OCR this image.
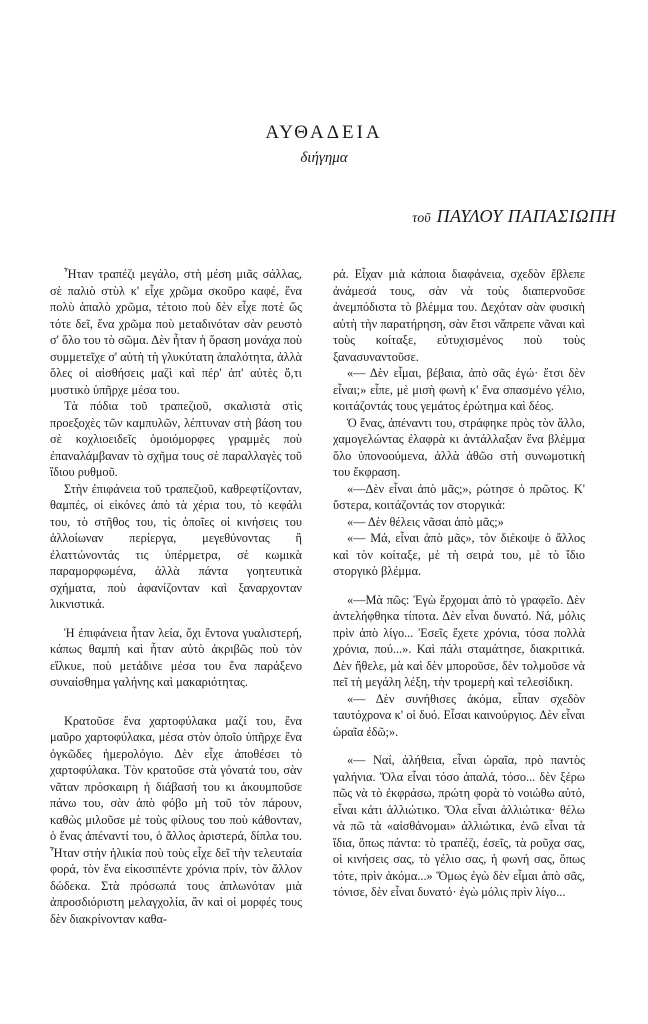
ΑΥΘΑΔΕΙΑ
διήγημα
τοῦ ΠΑΥΛΟΥ ΠΑΠΑΣΙΩΠΗ

Ἦταν τραπέζι μεγάλο, στὴ μέση μιᾶς σάλλας, σὲ παλιὸ στὺλ κ' εἶχε χρῶμα σκοῦρο καφέ, ἕνα πολὺ ἁπαλὸ χρῶμα, τέτοιο ποὺ δὲν εἶχε ποτὲ ὥς τότε δεῖ, ἕνα χρῶμα ποὺ μεταδινόταν σὰν ρευστὸ σ' ὅλο του τὸ σῶμα. Δὲν ἦταν ἡ ὅραση μονάχα ποὺ συμμετεῖχε σ' αὐτὴ τὴ γλυκύτατη ἁπαλότητα, ἀλλὰ ὅλες οἱ αἰσθήσεις μαζὶ καὶ πέρ' ἀπ' αὐτὲς ὅ,τι μυστικὸ ὑπῆρχε μέσα του.

Τὰ πόδια τοῦ τραπεζιοῦ, σκαλιστὰ στὶς προεξοχὲς τῶν καμπυλῶν, λέπτυναν στὴ βάση του σὲ κοχλιοειδεῖς ὁμοιόμορφες γραμμὲς ποὺ ἐπαναλάμβαναν τὸ σχῆμα τους σὲ παραλλαγὲς τοῦ ἴδιου ρυθμοῦ.

Στὴν ἐπιφάνεια τοῦ τραπεζιοῦ, καθρεφτίζονταν, θαμπές, οἱ εἰκόνες ἀπὸ τὰ χέρια του, τὸ κεφάλι του, τὸ στῆθος του, τὶς ὁποῖες οἱ κινήσεις του ἀλλοίωναν περίεργα, μεγεθύνοντας ἢ ἐλαττώνοντάς τις ὑπέρμετρα, σὲ κωμικὰ παραμορφωμένα, ἀλλὰ πάντα γοητευτικὰ σχήματα, ποὺ ἀφανίζονταν καὶ ξαναρχονταν λικνιστικά.

Ἡ ἐπιφάνεια ἦταν λεία, ὄχι ἔντονα γυαλιστερή, κάπως θαμπὴ καὶ ἦταν αὐτὸ ἀκριβῶς ποὺ τὸν εἵλκυε, ποὺ μετάδινε μέσα του ἕνα παράξενο συναίσθημα γαλήνης καὶ μακαριότητας.

Κρατοῦσε ἕνα χαρτοφύλακα μαζί του, ἕνα μαῦρο χαρτοφύλακα, μέσα στὸν ὁποῖο ὑπῆρχε ἕνα ὀγκῶδες ἡμερολόγιο. Δὲν εἶχε ἀποθέσει τὸ χαρτοφύλακα. Τὸν κρατοῦσε στὰ γόνατά του, σὰν νᾶταν πρόσκαιρη ἡ διάβασή του κι ἀκουμποῦσε πάνω του, σὰν ἀπὸ φόβο μὴ τοῦ τὸν πάρουν, καθὼς μιλοῦσε μὲ τοὺς φίλους του ποὺ κάθονταν, ὁ ἕνας ἀπέναντί του, ὁ ἄλλος ἀριστερά, δίπλα του. Ἦταν στὴν ἡλικία ποὺ τοὺς εἶχε δεῖ τὴν τελευταία φορά, τὸν ἕνα εἰκοσιπέντε χρόνια πρίν, τὸν ἄλλον δώδεκα. Στὰ πρόσωπά τους ἁπλωνόταν μιὰ ἀπροσδιόριστη μελαγχολία, ἂν καὶ οἱ μορφές τους δὲν διακρίνονταν καθα-

ρά. Εἶχαν μιὰ κάποια διαφάνεια, σχεδὸν ἔβλεπε ἀνάμεσά τους, σὰν νὰ τοὺς διαπερνοῦσε ἀνεμπόδιστα τὸ βλέμμα του. Δεχόταν σὰν φυσικὴ αὐτὴ τὴν παρατήρηση, σὰν ἔτσι νἄπρεπε νᾶναι καὶ τοὺς κοίταξε, εὐτυχισμένος ποὺ τοὺς ξανασυναντοῦσε.

«— Δὲν εἶμαι, βέβαια, ἀπὸ σᾶς ἐγώ· ἔτσι δὲν εἶναι;» εἶπε, μὲ μισὴ φωνὴ κ' ἕνα σπασμένο γέλιο, κοιτάζοντάς τους γεμάτος ἐρώτημα καὶ δέος.

Ὁ ἕνας, ἀπέναντι του, στράφηκε πρὸς τὸν ἄλλο, χαμογελώντας ἐλαφρὰ κι ἀντάλλαξαν ἕνα βλέμμα ὅλο ὑπονοούμενα, ἀλλὰ ἀθῶο στὴ συνωμοτικὴ του ἔκφραση.

«—Δὲν εἶναι ἀπὸ μᾶς;», ρώτησε ὁ πρῶτος. Κ' ὕστερα, κοιτάζοντάς τον στοργικά:

«— Δὲν θέλεις νᾶσαι ἀπὸ μᾶς;»

«— Μά, εἶναι ἀπὸ μᾶς», τὸν διέκοψε ὁ ἄλλος καὶ τὸν κοίταξε, μὲ τὴ σειρά του, μὲ τὸ ἴδιο στοργικὸ βλέμμα.

«—Μὰ πῶς: Ἐγὼ ἔρχομαι ἀπὸ τὸ γραφεῖο. Δὲν ἀντελήφθηκα τίποτα. Δὲν εἶναι δυνατό. Νά, μόλις πρὶν ἀπὸ λίγο... Ἐσεῖς ἔχετε χρόνια, τόσα πολλὰ χρόνια, πού...». Καὶ πάλι σταμάτησε, διακριτικά. Δὲν ἤθελε, μὰ καὶ δὲν μποροῦσε, δὲν τολμοῦσε νὰ πεῖ τὴ μεγάλη λέξη, τὴν τρομερὴ καὶ τελεσίδικη.

«— Δὲν συνήθισες ἀκόμα, εἶπαν σχεδὸν ταυτόχρονα κ' οἱ δυό. Εἶσαι καινούργιος. Δὲν εἶναι ὡραῖα ἐδῶ;».

«— Ναί, ἀλήθεια, εἶναι ὡραῖα, πρὸ παντὸς γαλήνια. Ὅλα εἶναι τόσο ἁπαλά, τόσο... δὲν ξέρω πῶς νὰ τὸ ἐκφράσω, πρώτη φορὰ τὸ νοιώθω αὐτό, εἶναι κάτι ἀλλιώτικο. Ὅλα εἶναι ἀλλιώτικα· θέλω νὰ πῶ τὰ «αἰσθάνομαι» ἀλλιώτικα, ἐνῶ εἶναι τὰ ἴδια, ὅπως πάντα: τὸ τραπέζι, ἐσεῖς, τὰ ροῦχα σας, οἱ κινήσεις σας, τὸ γέλιο σας, ἡ φωνή σας, ὅπως τότε, πρὶν ἀκόμα...» Ὅμως ἐγὼ δὲν εἶμαι ἀπὸ σᾶς, τόνισε, δὲν εἶναι δυνατό· ἐγὼ μόλις πρὶν λίγο...
